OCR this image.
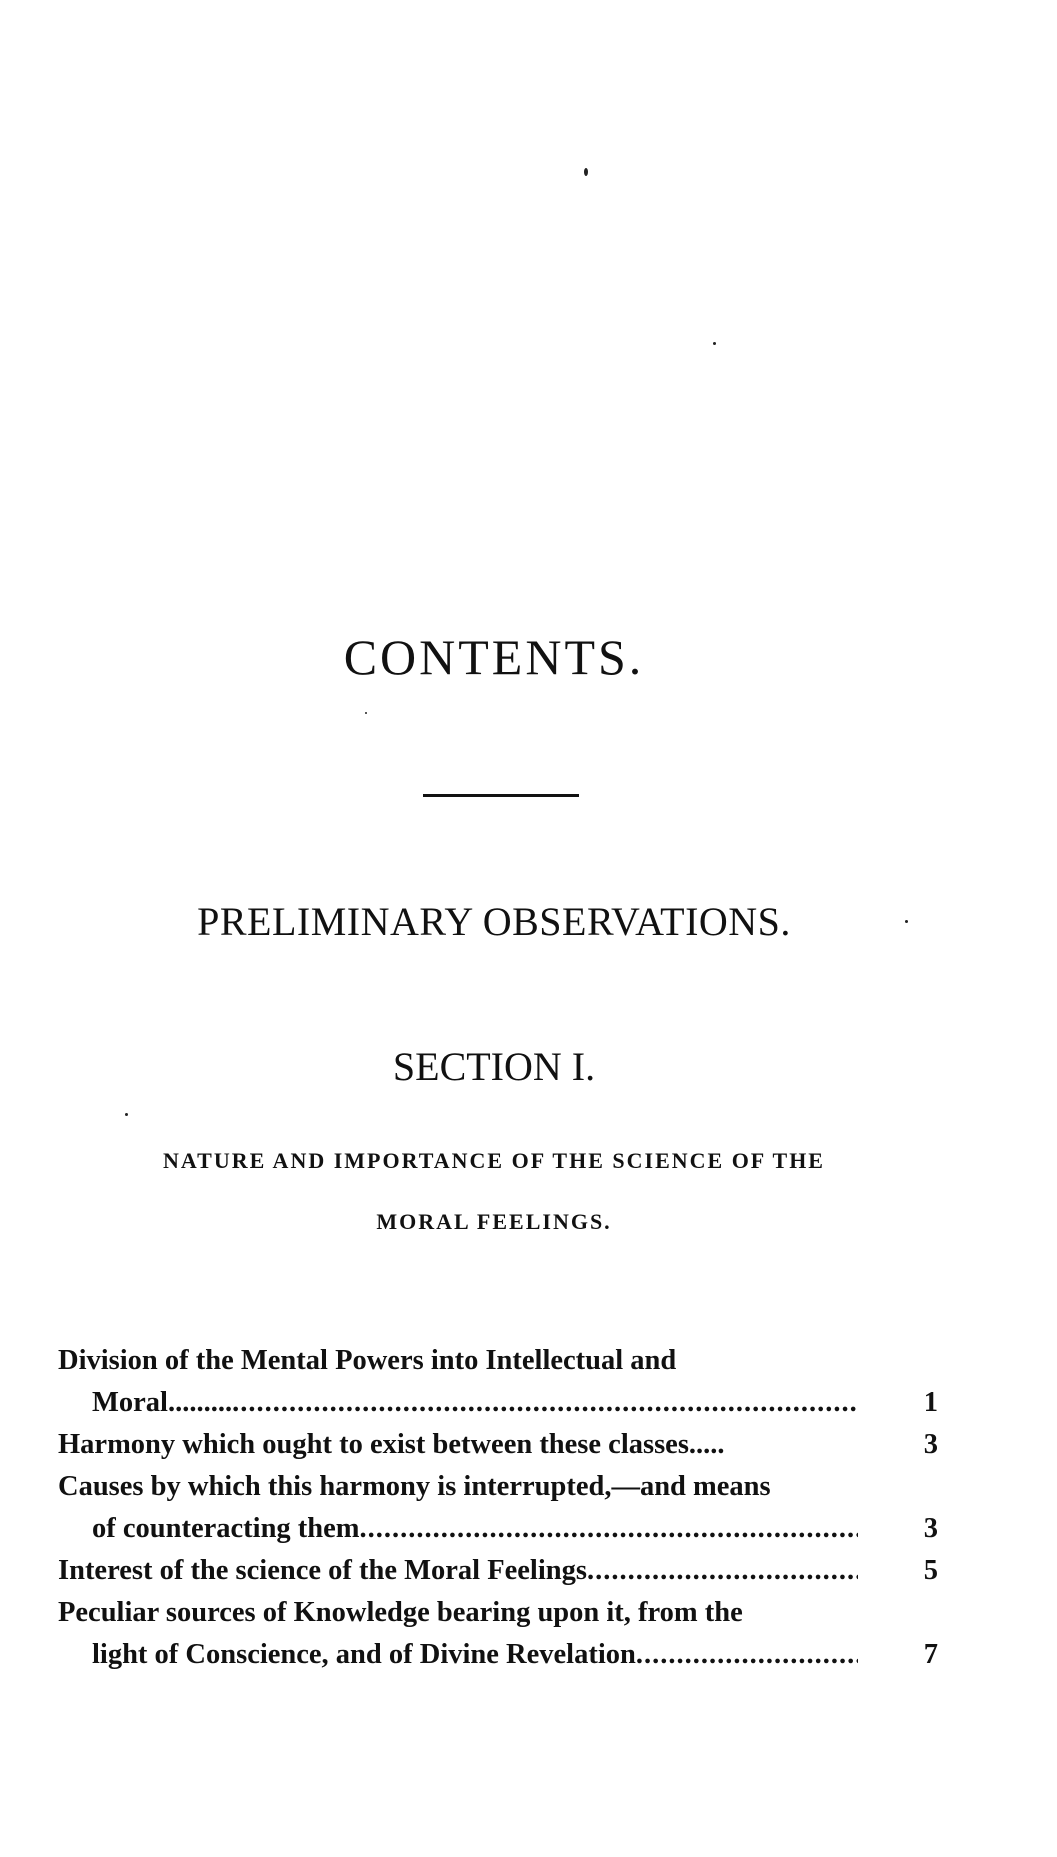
CONTENTS.
PRELIMINARY OBSERVATIONS.
SECTION I.
NATURE AND IMPORTANCE OF THE SCIENCE OF THE
MORAL FEELINGS.
Division of the Mental Powers into Intellectual and
Moral......... .....	1
Harmony which ought to exist between these classes.....	3
Causes by which this harmony is interrupted,—and means
of counteracting them .....	3
Interest of the science of the Moral Feelings .....	5
Peculiar sources of Knowledge bearing upon it, from the
light of Conscience, and of Divine Revelation .....	7
